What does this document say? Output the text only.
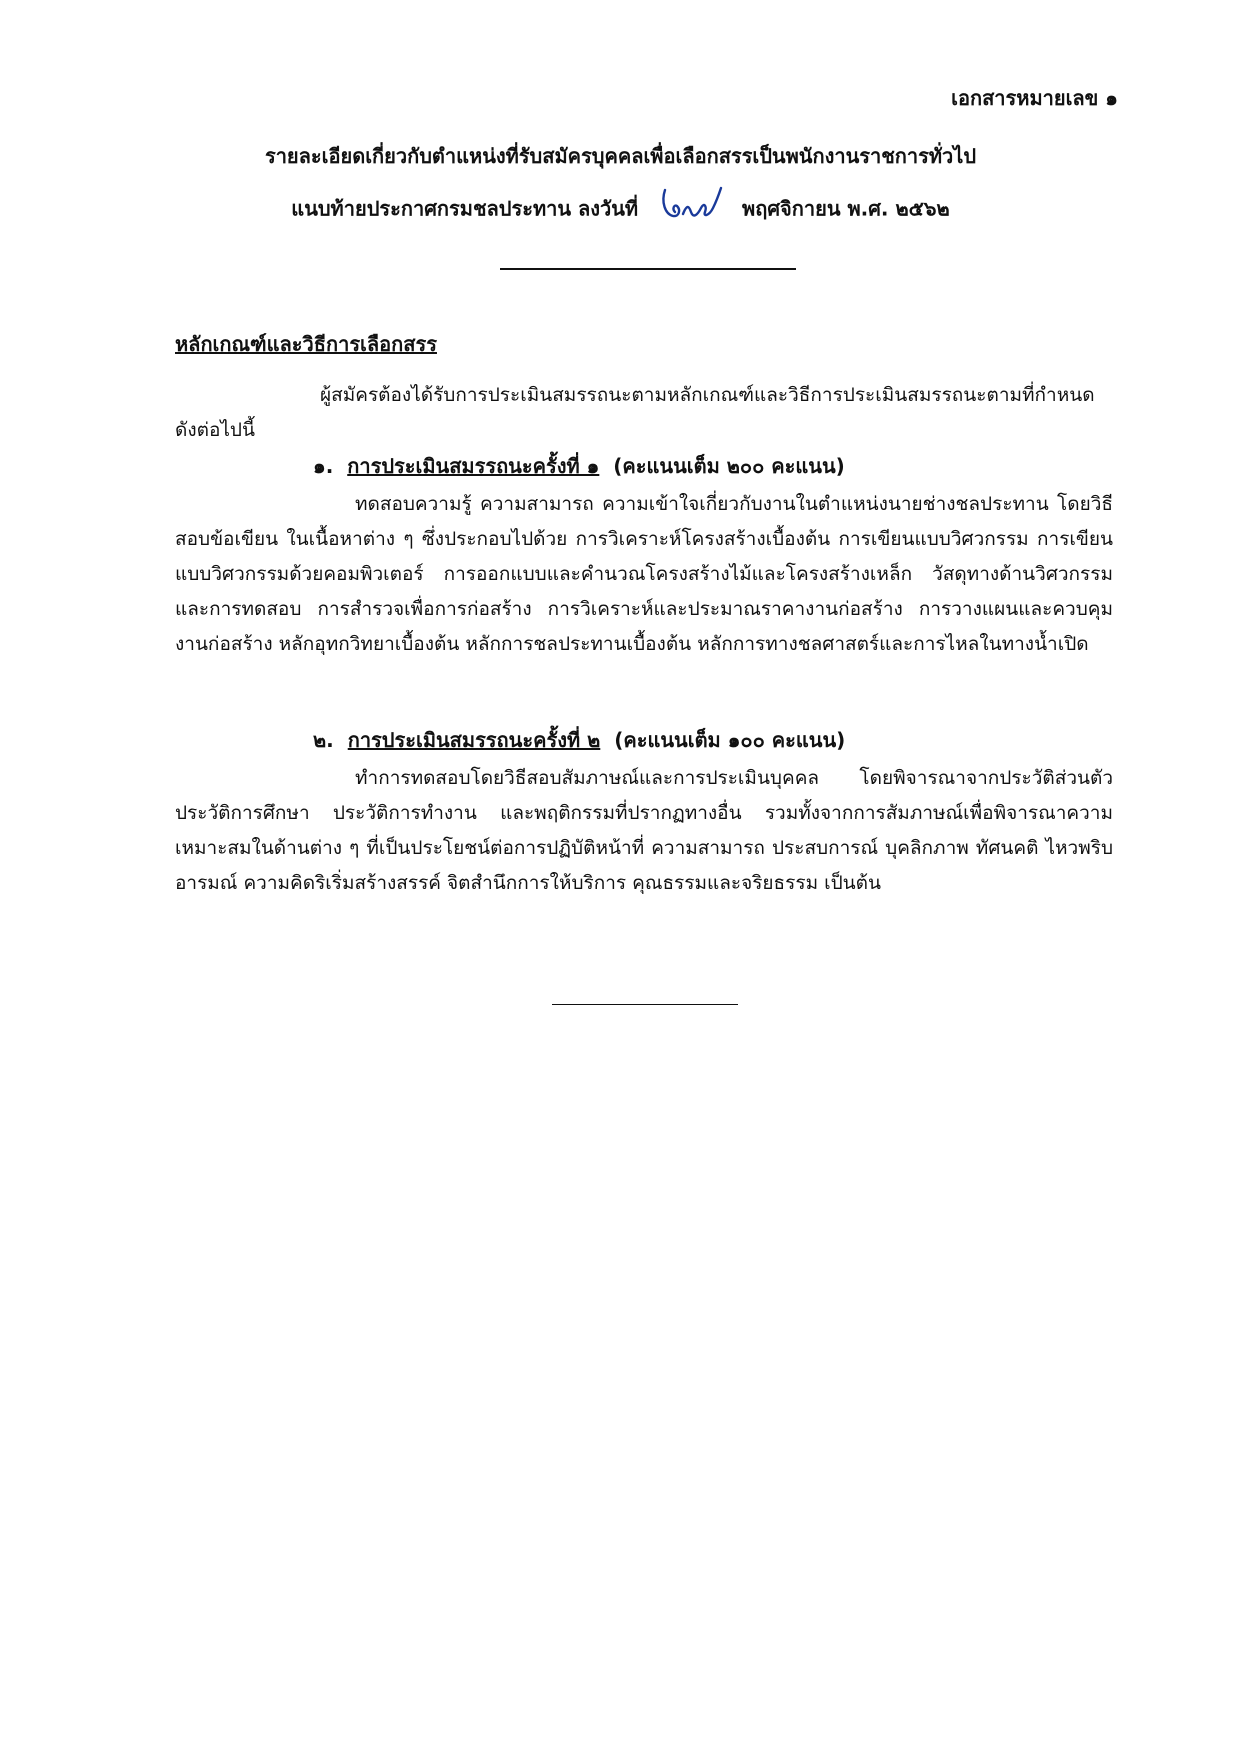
เอกสารหมายเลข ๑
รายละเอียดเกี่ยวกับตำแหน่งที่รับสมัครบุคคลเพื่อเลือกสรรเป็นพนักงานราชการทั่วไป
แนบท้ายประกาศกรมชลประทาน ลงวันที่	พฤศจิกายน พ.ศ. ๒๕๖๒
หลักเกณฑ์และวิธีการเลือกสรร

ผู้สมัครต้องได้รับการประเมินสมรรถนะตามหลักเกณฑ์และวิธีการประเมินสมรรถนะตามที่กำหนด ดังต่อไปนี้

๑. การประเมินสมรรถนะครั้งที่ ๑ (คะแนนเต็ม ๒๐๐ คะแนน)

ทดสอบความรู้ ความสามารถ ความเข้าใจเกี่ยวกับงานในตำแหน่งนายช่างชลประทาน โดยวิธีสอบข้อเขียน ในเนื้อหาต่าง ๆ ซึ่งประกอบไปด้วย การวิเคราะห์โครงสร้างเบื้องต้น การเขียนแบบวิศวกรรม การเขียนแบบวิศวกรรมด้วยคอมพิวเตอร์ การออกแบบและคำนวณโครงสร้างไม้และโครงสร้างเหล็ก วัสดุทางด้านวิศวกรรมและการทดสอบ การสำรวจเพื่อการก่อสร้าง การวิเคราะห์และประมาณราคางานก่อสร้าง การวางแผนและควบคุมงานก่อสร้าง หลักอุทกวิทยาเบื้องต้น หลักการชลประทานเบื้องต้น หลักการทางชลศาสตร์และการไหลในทางน้ำเปิด

๒. การประเมินสมรรถนะครั้งที่ ๒ (คะแนนเต็ม ๑๐๐ คะแนน)

ทำการทดสอบโดยวิธีสอบสัมภาษณ์และการประเมินบุคคล โดยพิจารณาจากประวัติส่วนตัว ประวัติการศึกษา ประวัติการทำงาน และพฤติกรรมที่ปรากฏทางอื่น รวมทั้งจากการสัมภาษณ์เพื่อพิจารณาความเหมาะสมในด้านต่าง ๆ ที่เป็นประโยชน์ต่อการปฏิบัติหน้าที่ ความสามารถ ประสบการณ์ บุคลิกภาพ ทัศนคติ ไหวพริบ อารมณ์ ความคิดริเริ่มสร้างสรรค์ จิตสำนึกการให้บริการ คุณธรรมและจริยธรรม เป็นต้น
